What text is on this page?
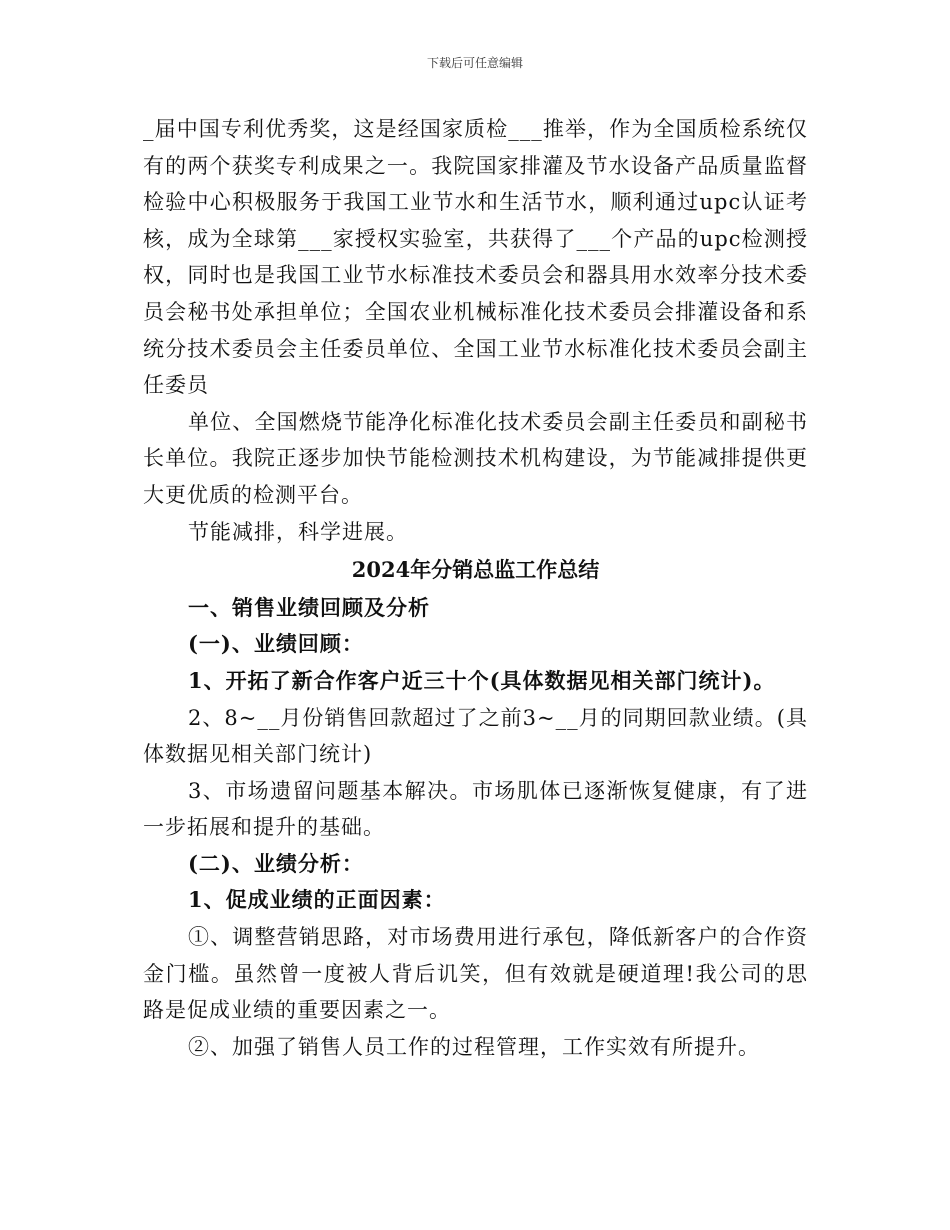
下载后可任意编辑

_届中国专利优秀奖，这是经国家质检___推举，作为全国质检系统仅有的两个获奖专利成果之一。我院国家排灌及节水设备产品质量监督检验中心积极服务于我国工业节水和生活节水，顺利通过upc认证考核，成为全球第___家授权实验室，共获得了___个产品的upc检测授权，同时也是我国工业节水标准技术委员会和器具用水效率分技术委员会秘书处承担单位；全国农业机械标准化技术委员会排灌设备和系统分技术委员会主任委员单位、全国工业节水标准化技术委员会副主任委员

单位、全国燃烧节能净化标准化技术委员会副主任委员和副秘书长单位。我院正逐步加快节能检测技术机构建设，为节能减排提供更大更优质的检测平台。

节能减排，科学进展。

2024年分销总监工作总结

一、销售业绩回顾及分析

(一)、业绩回顾：

1、开拓了新合作客户近三十个(具体数据见相关部门统计)。

2、8~__月份销售回款超过了之前3~__月的同期回款业绩。(具体数据见相关部门统计)

3、市场遗留问题基本解决。市场肌体已逐渐恢复健康，有了进一步拓展和提升的基础。

(二)、业绩分析：

1、促成业绩的正面因素：

①、调整营销思路，对市场费用进行承包，降低新客户的合作资金门槛。虽然曾一度被人背后讥笑，但有效就是硬道理!我公司的思路是促成业绩的重要因素之一。

②、加强了销售人员工作的过程管理，工作实效有所提升。
